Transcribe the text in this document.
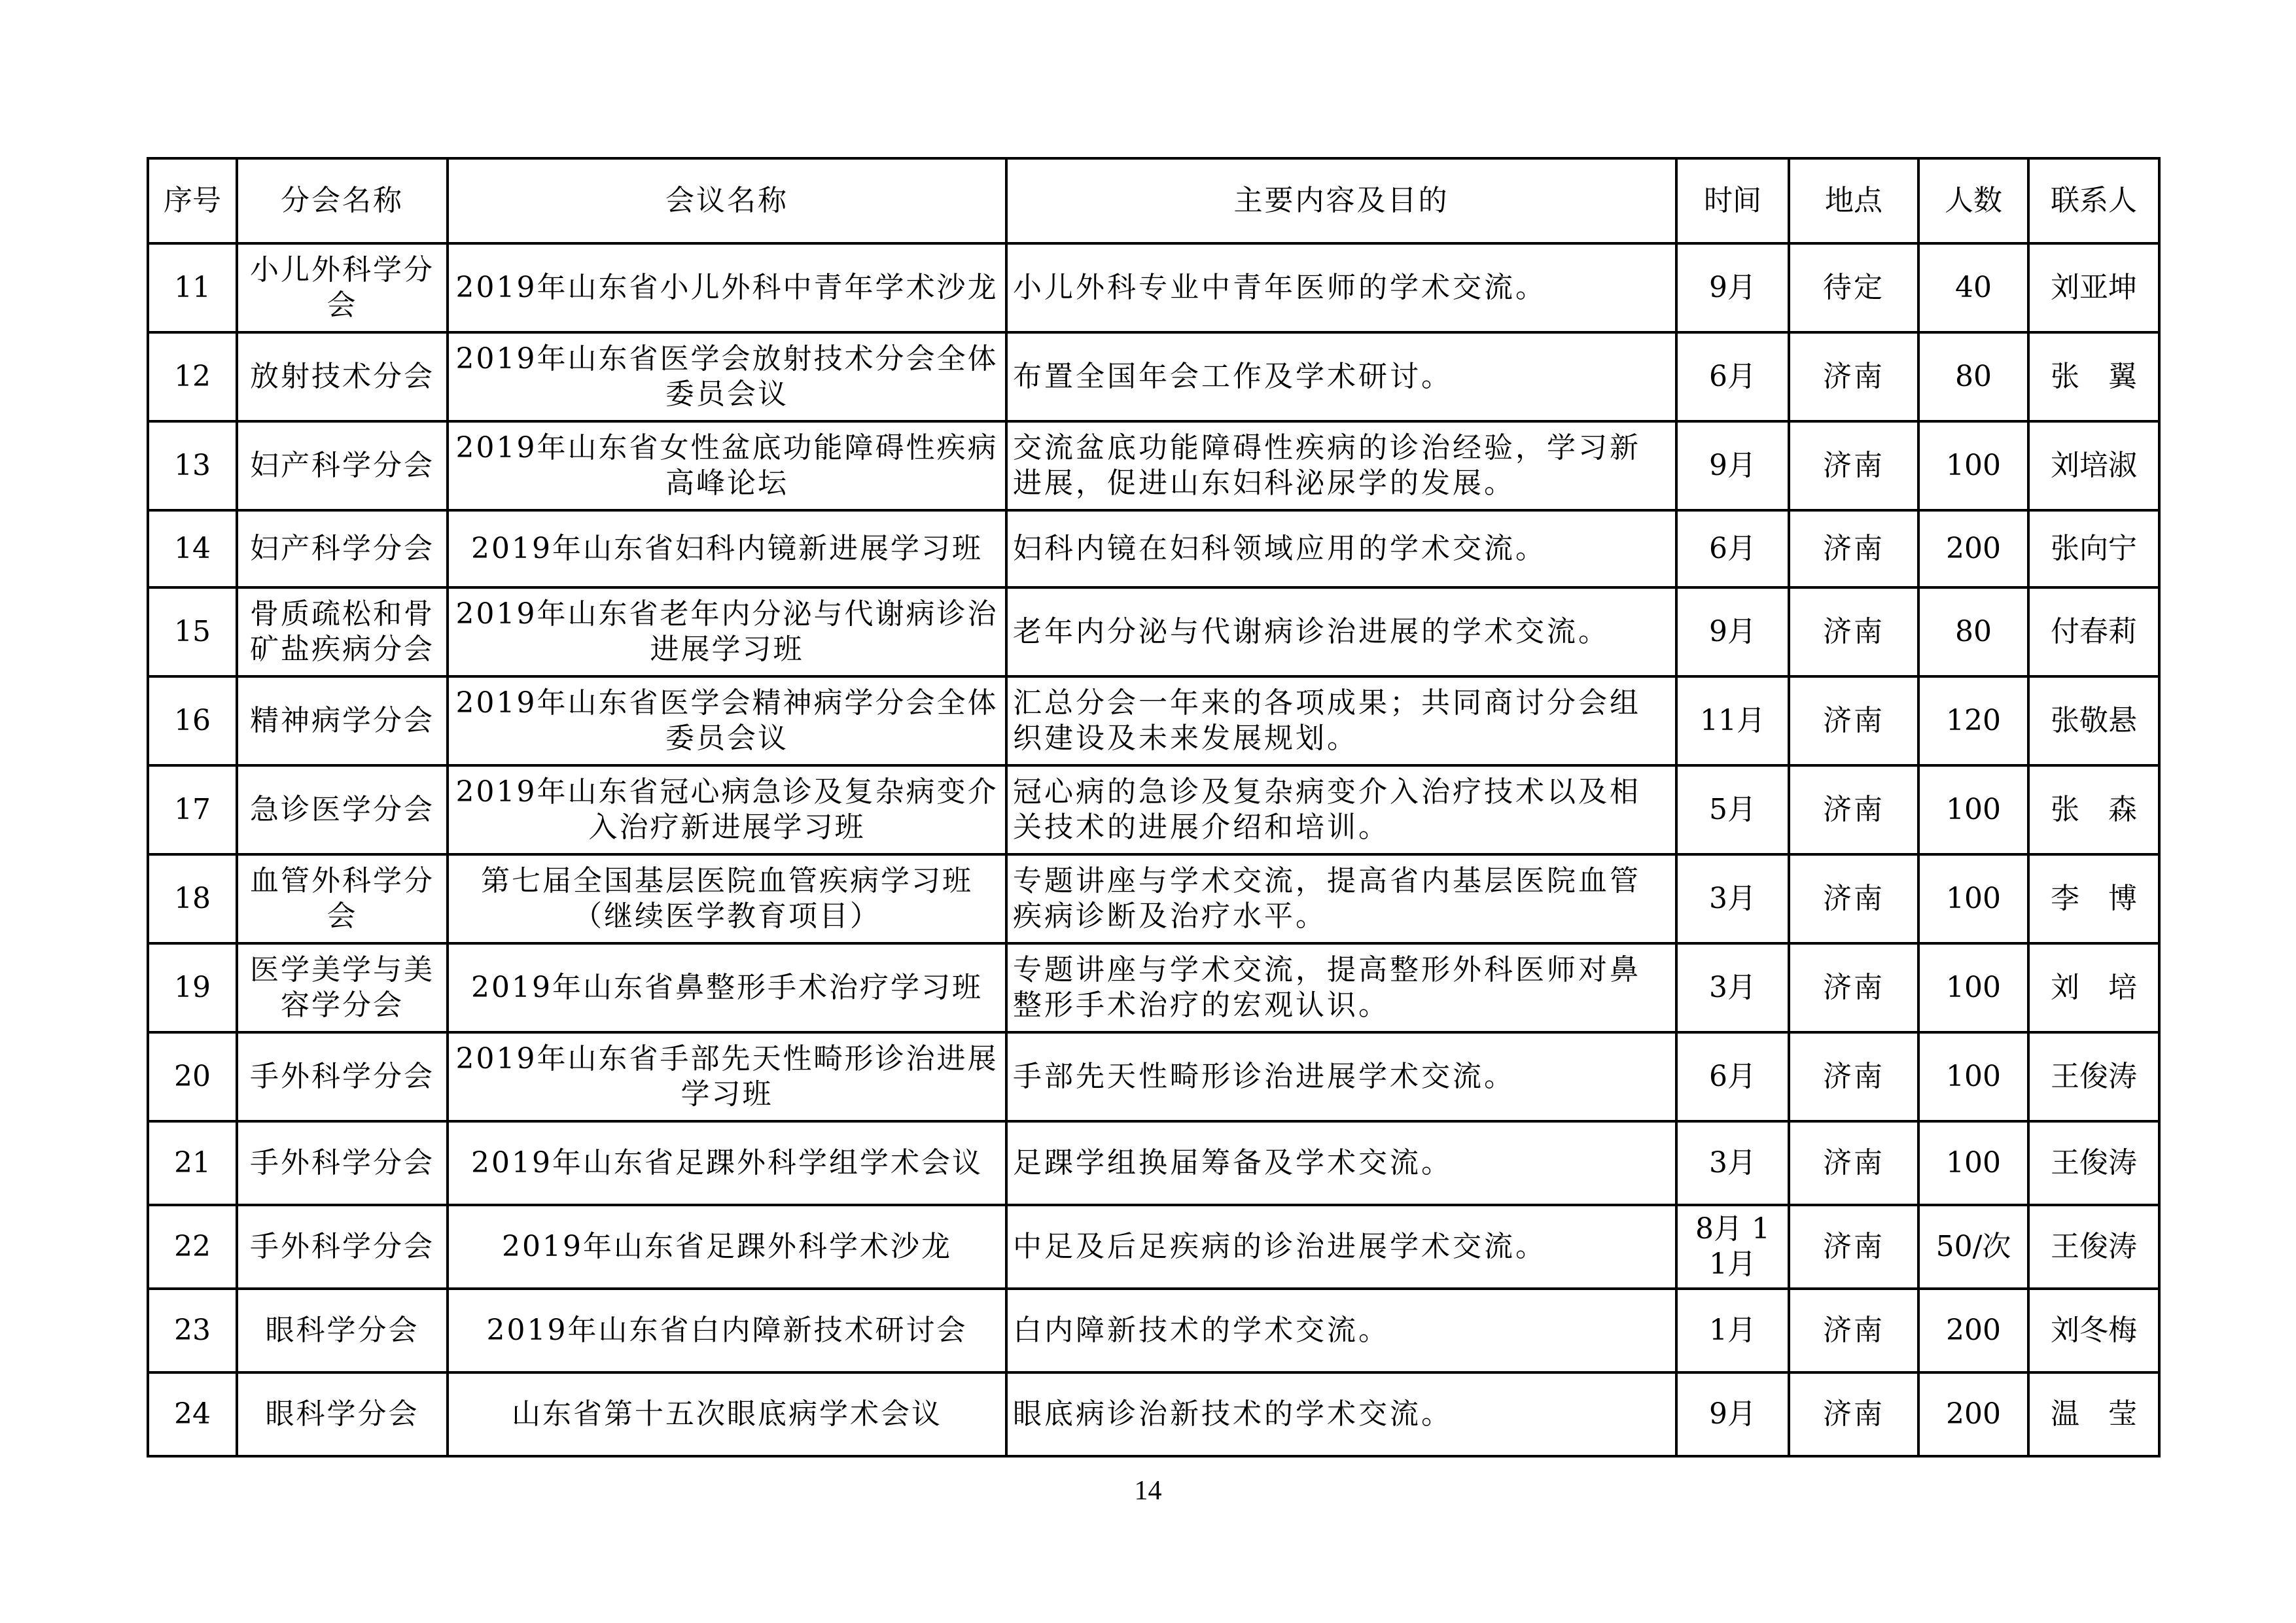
序号	分会名称	会议名称	主要内容及目的	时间	地点	人数	联系人
11	小儿外科学分会	2019年山东省小儿外科中青年学术沙龙	小儿外科专业中青年医师的学术交流。	9月	待定	40	刘亚坤
12	放射技术分会	2019年山东省医学会放射技术分会全体委员会议	布置全国年会工作及学术研讨。	6月	济南	80	张　翼
13	妇产科学分会	2019年山东省女性盆底功能障碍性疾病高峰论坛	交流盆底功能障碍性疾病的诊治经验，学习新进展，促进山东妇科泌尿学的发展。	9月	济南	100	刘培淑
14	妇产科学分会	2019年山东省妇科内镜新进展学习班	妇科内镜在妇科领域应用的学术交流。	6月	济南	200	张向宁
15	骨质疏松和骨矿盐疾病分会	2019年山东省老年内分泌与代谢病诊治进展学习班	老年内分泌与代谢病诊治进展的学术交流。	9月	济南	80	付春莉
16	精神病学分会	2019年山东省医学会精神病学分会全体委员会议	汇总分会一年来的各项成果；共同商讨分会组织建设及未来发展规划。	11月	济南	120	张敬悬
17	急诊医学分会	2019年山东省冠心病急诊及复杂病变介入治疗新进展学习班	冠心病的急诊及复杂病变介入治疗技术以及相关技术的进展介绍和培训。	5月	济南	100	张　森
18	血管外科学分会	第七届全国基层医院血管疾病学习班（继续医学教育项目）	专题讲座与学术交流，提高省内基层医院血管疾病诊断及治疗水平。	3月	济南	100	李　博
19	医学美学与美容学分会	2019年山东省鼻整形手术治疗学习班	专题讲座与学术交流，提高整形外科医师对鼻整形手术治疗的宏观认识。	3月	济南	100	刘　培
20	手外科学分会	2019年山东省手部先天性畸形诊治进展学习班	手部先天性畸形诊治进展学术交流。	6月	济南	100	王俊涛
21	手外科学分会	2019年山东省足踝外科学组学术会议	足踝学组换届筹备及学术交流。	3月	济南	100	王俊涛
22	手外科学分会	2019年山东省足踝外科学术沙龙	中足及后足疾病的诊治进展学术交流。	8月 11月	济南	50/次	王俊涛
23	眼科学分会	2019年山东省白内障新技术研讨会	白内障新技术的学术交流。	1月	济南	200	刘冬梅
24	眼科学分会	山东省第十五次眼底病学术会议	眼底病诊治新技术的学术交流。	9月	济南	200	温　莹
14
